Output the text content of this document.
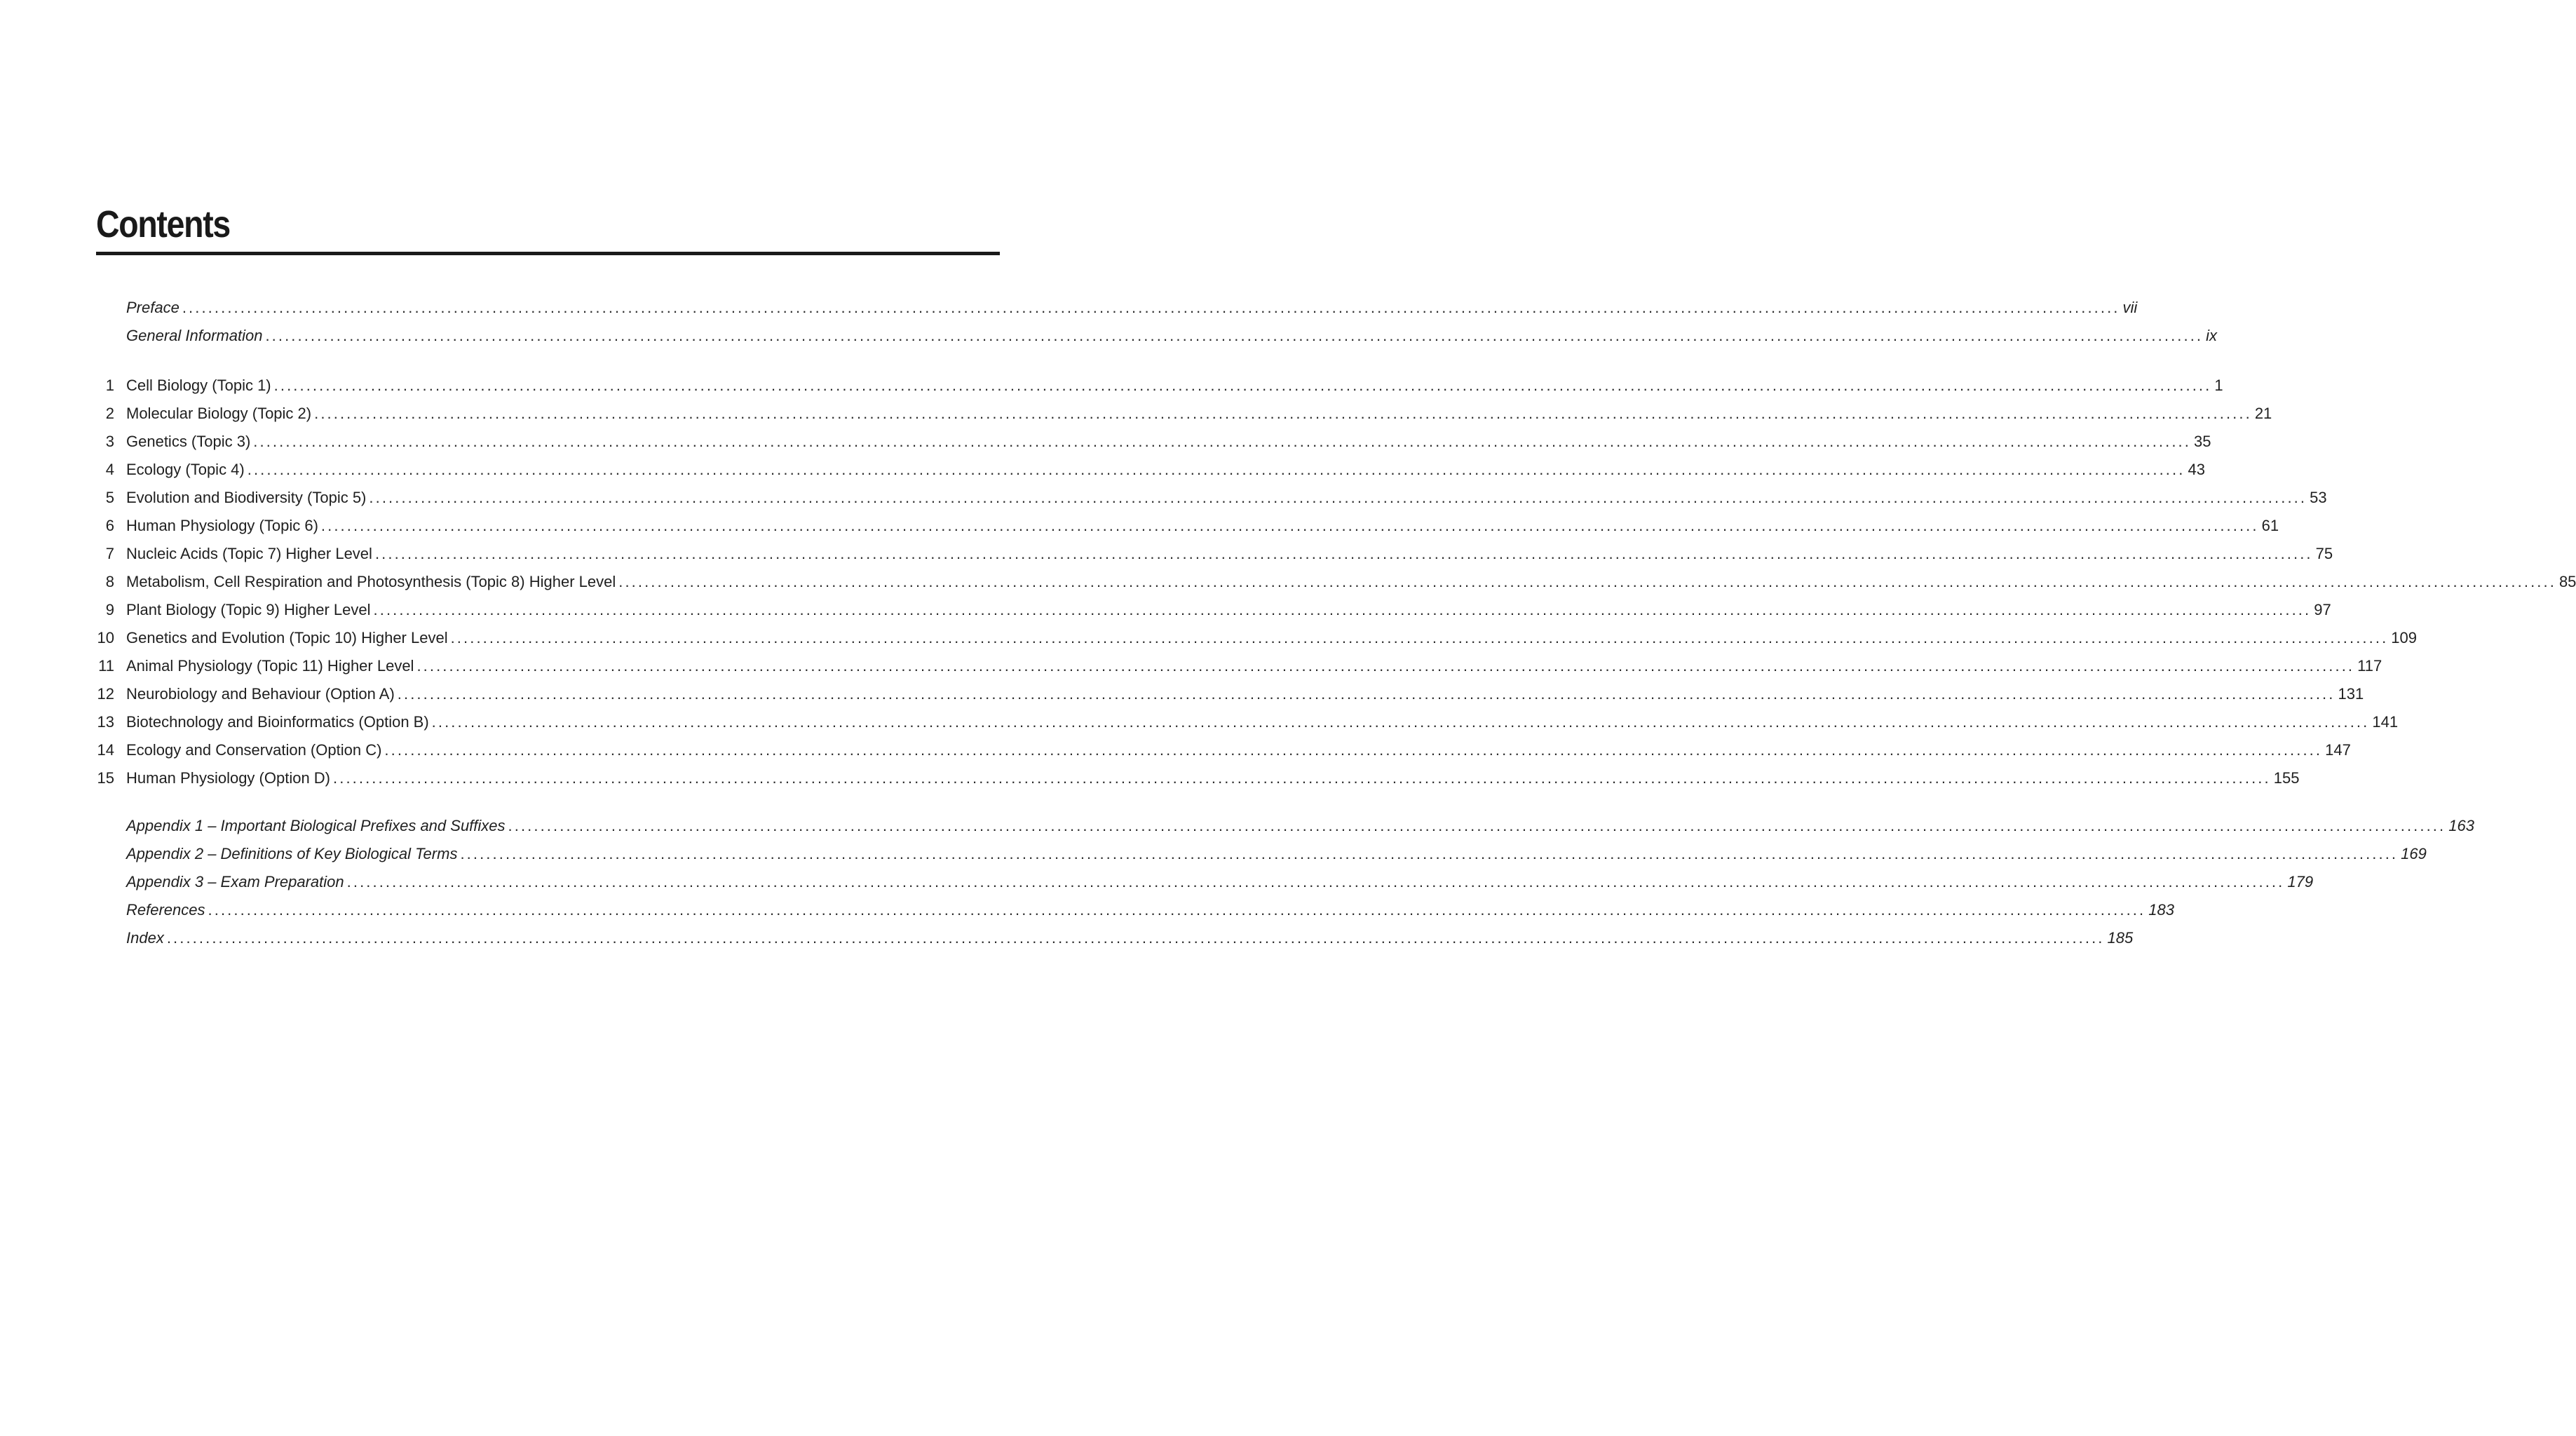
Contents
Preface ............................................................................................................................................................................................................................................................................................................ vii
General Information ............................................................................................................................................................................................................................................................................................................ ix
1 Cell Biology (Topic 1) ............................................................................................................................................................................................................................................................................................................ 1
2 Molecular Biology (Topic 2) ............................................................................................................................................................................................................................................................................................................ 21
3 Genetics (Topic 3) ............................................................................................................................................................................................................................................................................................................ 35
4 Ecology (Topic 4) ............................................................................................................................................................................................................................................................................................................ 43
5 Evolution and Biodiversity (Topic 5) ............................................................................................................................................................................................................................................................................................................ 53
6 Human Physiology (Topic 6) ............................................................................................................................................................................................................................................................................................................ 61
7 Nucleic Acids (Topic 7) Higher Level ............................................................................................................................................................................................................................................................................................................ 75
8 Metabolism, Cell Respiration and Photosynthesis (Topic 8) Higher Level ............................................................................................................................................................................................................................................................................................................ 85
9 Plant Biology (Topic 9) Higher Level ............................................................................................................................................................................................................................................................................................................ 97
10 Genetics and Evolution (Topic 10) Higher Level ............................................................................................................................................................................................................................................................................................................ 109
11 Animal Physiology (Topic 11) Higher Level ............................................................................................................................................................................................................................................................................................................ 117
12 Neurobiology and Behaviour (Option A) ............................................................................................................................................................................................................................................................................................................ 131
13 Biotechnology and Bioinformatics (Option B) ............................................................................................................................................................................................................................................................................................................ 141
14 Ecology and Conservation (Option C) ............................................................................................................................................................................................................................................................................................................ 147
15 Human Physiology (Option D) ............................................................................................................................................................................................................................................................................................................ 155
Appendix 1 – Important Biological Prefixes and Suffixes ............................................................................................................................................................................................................................................................................................................ 163
Appendix 2 – Definitions of Key Biological Terms ............................................................................................................................................................................................................................................................................................................ 169
Appendix 3 – Exam Preparation ............................................................................................................................................................................................................................................................................................................ 179
References ............................................................................................................................................................................................................................................................................................................ 183
Index ............................................................................................................................................................................................................................................................................................................ 185
